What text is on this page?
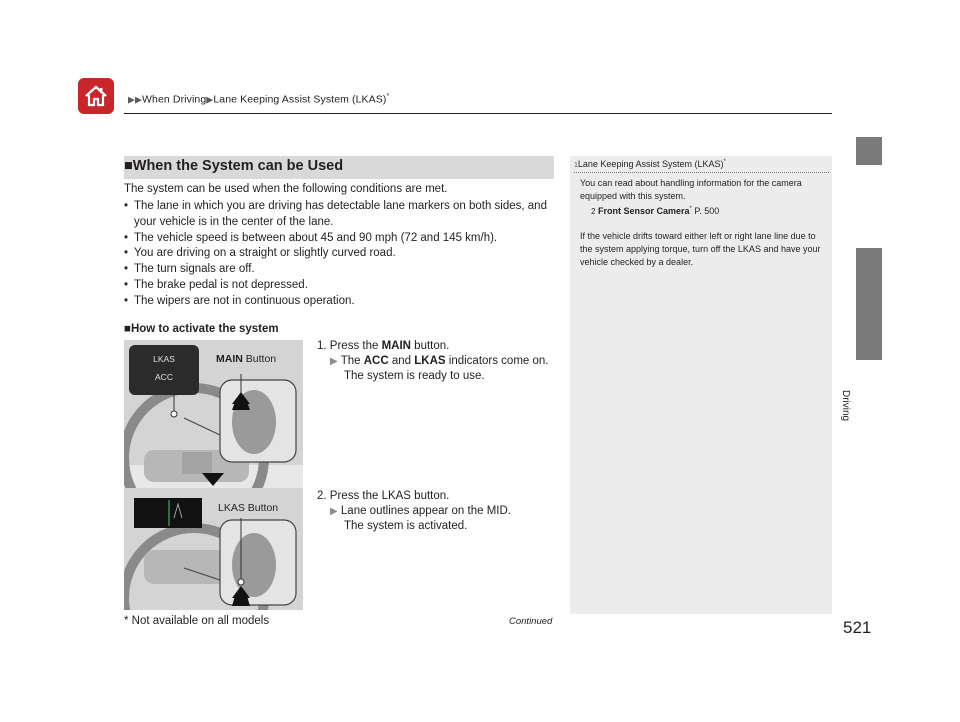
▶▶When Driving▶Lane Keeping Assist System (LKAS)*
Driving
■When the System can be Used
The system can be used when the following conditions are met.
• The lane in which you are driving has detectable lane markers on both sides, and your vehicle is in the center of the lane.
• The vehicle speed is between about 45 and 90 mph (72 and 145 km/h).
• You are driving on a straight or slightly curved road.
• The turn signals are off.
• The brake pedal is not depressed.
• The wipers are not in continuous operation.
■How to activate the system
LKAS
ACC
MAIN Button
LKAS Button
1. Press the MAIN button.
▶ The ACC and LKAS indicators come on.
The system is ready to use.
2. Press the LKAS button.
▶ Lane outlines appear on the MID.
The system is activated.
1Lane Keeping Assist System (LKAS)*
You can read about handling information for the camera equipped with this system.
2 Front Sensor Camera* P. 500
If the vehicle drifts toward either left or right lane line due to the system applying torque, turn off the LKAS and have your vehicle checked by a dealer.
* Not available on all models	Continued	521
